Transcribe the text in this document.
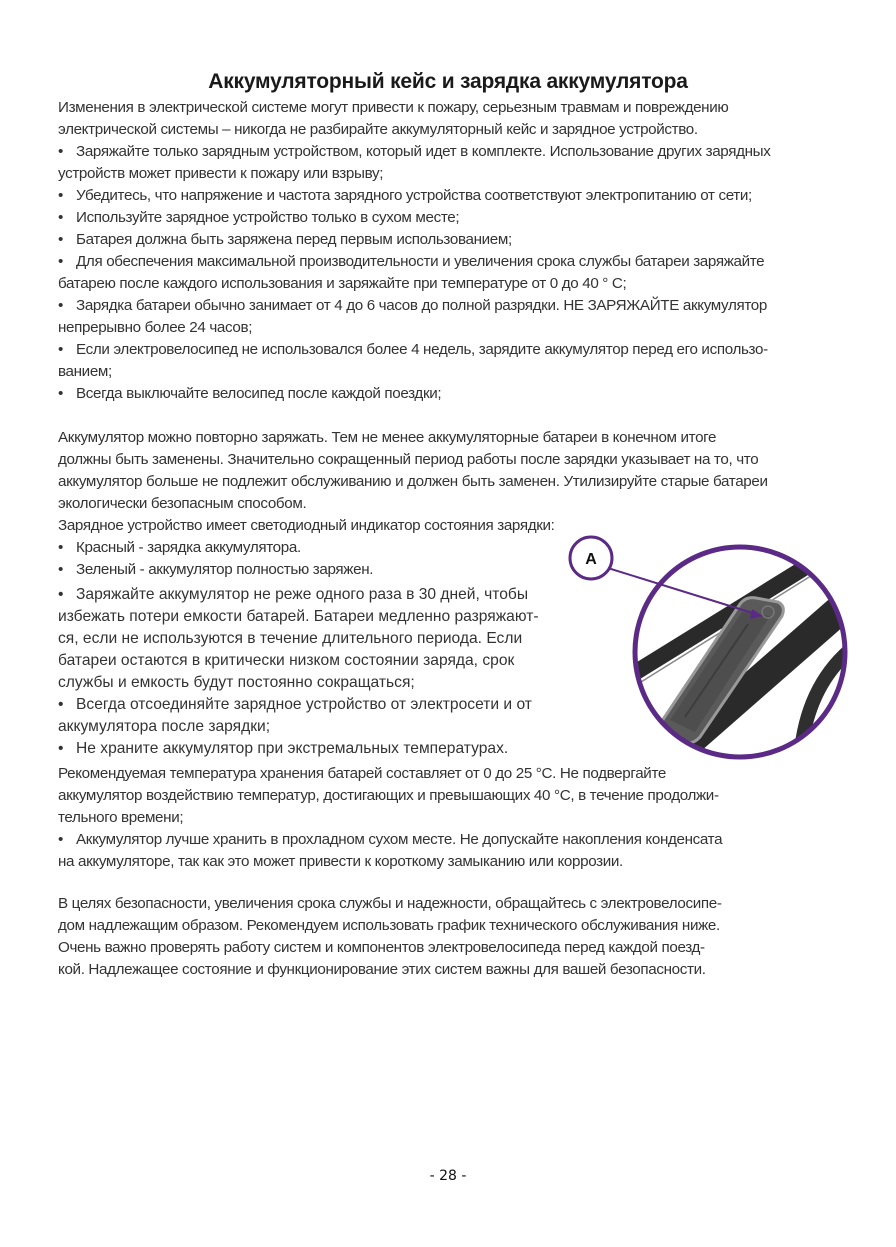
Аккумуляторный кейс и зарядка аккумулятора
Изменения в электрической системе могут привести к пожару, серьезным травмам и повреждению
электрической системы – никогда не разбирайте аккумуляторный кейс и зарядное устройство.
• Заряжайте только зарядным устройством, который идет в комплекте. Использование других зарядных
устройств может привести к пожару или взрыву;
• Убедитесь, что напряжение и частота зарядного устройства соответствуют электропитанию от сети;
• Используйте зарядное устройство только в сухом месте;
• Батарея должна быть заряжена перед первым использованием;
• Для обеспечения максимальной производительности и увеличения срока службы батареи заряжайте
батарею после каждого использования и заряжайте при температуре от 0 до 40 ° С;
• Зарядка батареи обычно занимает от 4 до 6 часов до полной разрядки. НЕ ЗАРЯЖАЙТЕ аккумулятор
непрерывно более 24 часов;
• Если электровелосипед не использовался более 4 недель, зарядите аккумулятор перед его использо-
ванием;
• Всегда выключайте велосипед после каждой поездки;
Аккумулятор можно повторно заряжать. Тем не менее аккумуляторные батареи в конечном итоге
должны быть заменены. Значительно сокращенный период работы после зарядки указывает на то, что
аккумулятор больше не подлежит обслуживанию и должен быть заменен. Утилизируйте старые батареи
экологически безопасным способом.
Зарядное устройство имеет светодиодный индикатор состояния зарядки:
• Красный - зарядка аккумулятора.
• Зеленый - аккумулятор полностью заряжен.
• Заряжайте аккумулятор не реже одного раза в 30 дней, чтобы
избежать потери емкости батарей. Батареи медленно разряжают-
ся, если не используются в течение длительного периода. Если
батареи остаются в критически низком состоянии заряда, срок
службы и емкость будут постоянно сокращаться;
• Всегда отсоединяйте зарядное устройство от электросети и от
аккумулятора после зарядки;
• Не храните аккумулятор при экстремальных температурах.
A
Рекомендуемая температура хранения батарей составляет от 0 до 25 °С. Не подвергайте
аккумулятор воздействию температур, достигающих и превышающих 40 °С, в течение продолжи-
тельного времени;
• Аккумулятор лучше хранить в прохладном сухом месте. Не допускайте накопления конденсата
на аккумуляторе, так как это может привести к короткому замыканию или коррозии.
В целях безопасности, увеличения срока службы и надежности, обращайтесь с электровелосипе-
дом надлежащим образом. Рекомендуем использовать график технического обслуживания ниже.
Очень важно проверять работу систем и компонентов электровелосипеда перед каждой поезд-
кой. Надлежащее состояние и функционирование этих систем важны для вашей безопасности.
- 28 -
